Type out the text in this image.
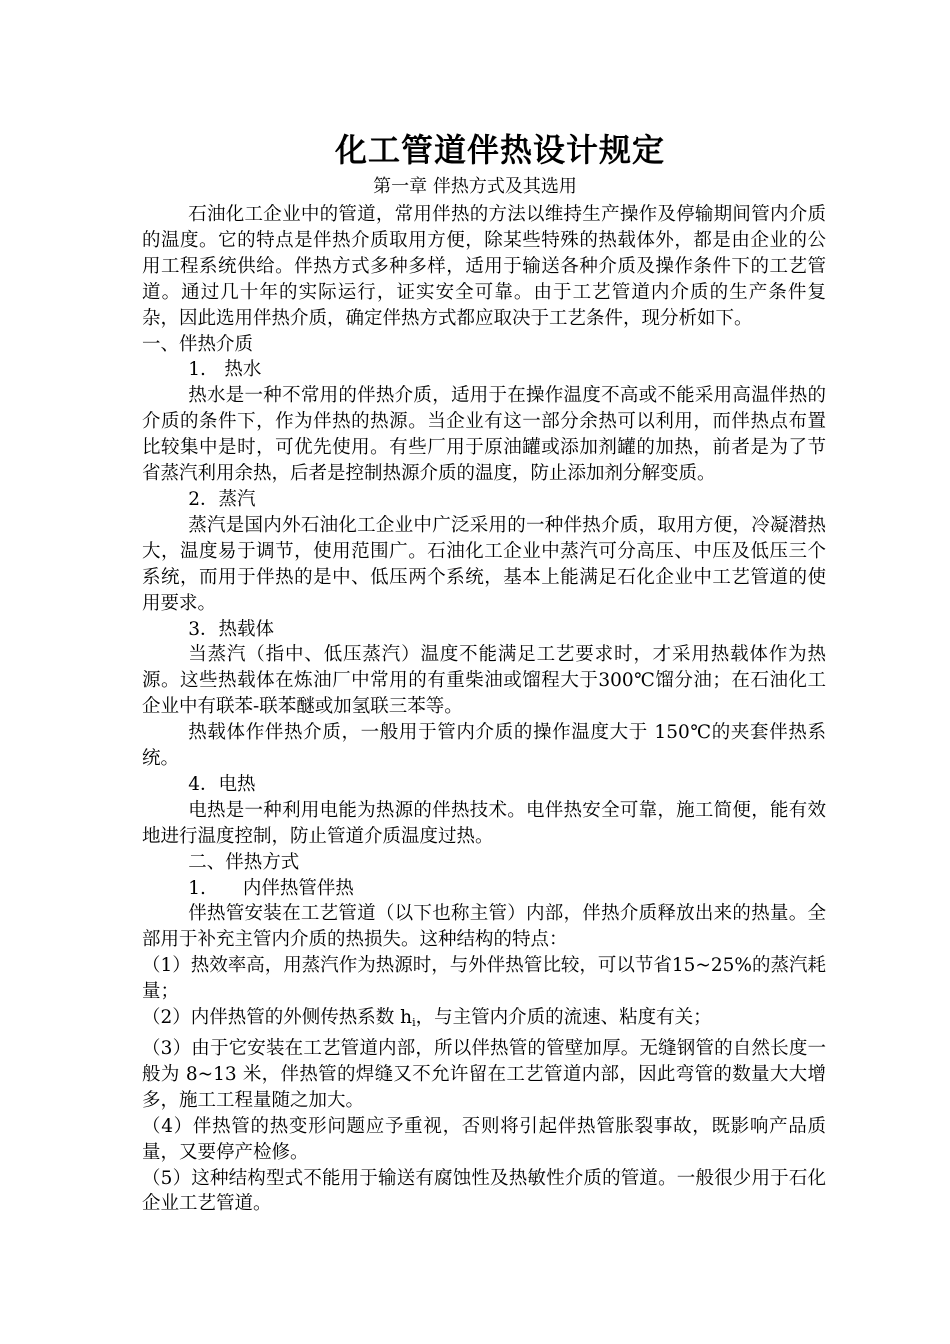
化工管道伴热设计规定
第一章 伴热方式及其选用

石油化工企业中的管道，常用伴热的方法以维持生产操作及停输期间管内介质的温度。它的特点是伴热介质取用方便，除某些特殊的热载体外，都是由企业的公用工程系统供给。伴热方式多种多样，适用于输送各种介质及操作条件下的工艺管道。通过几十年的实际运行，证实安全可靠。由于工艺管道内介质的生产条件复杂，因此选用伴热介质，确定伴热方式都应取决于工艺条件，现分析如下。

一、伴热介质

1.　热水

热水是一种不常用的伴热介质，适用于在操作温度不高或不能采用高温伴热的介质的条件下，作为伴热的热源。当企业有这一部分余热可以利用，而伴热点布置比较集中是时，可优先使用。有些厂用于原油罐或添加剂罐的加热，前者是为了节省蒸汽利用余热，后者是控制热源介质的温度，防止添加剂分解变质。

2．蒸汽

蒸汽是国内外石油化工企业中广泛采用的一种伴热介质，取用方便，冷凝潜热大，温度易于调节，使用范围广。石油化工企业中蒸汽可分高压、中压及低压三个系统，而用于伴热的是中、低压两个系统，基本上能满足石化企业中工艺管道的使用要求。

3．热载体

当蒸汽（指中、低压蒸汽）温度不能满足工艺要求时，才采用热载体作为热源。这些热载体在炼油厂中常用的有重柴油或馏程大于300℃馏分油；在石油化工企业中有联苯-联苯醚或加氢联三苯等。

热载体作伴热介质，一般用于管内介质的操作温度大于 150℃的夹套伴热系统。

4．电热

电热是一种利用电能为热源的伴热技术。电伴热安全可靠，施工简便，能有效地进行温度控制，防止管道介质温度过热。

二、伴热方式

1.　　内伴热管伴热

伴热管安装在工艺管道（以下也称主管）内部，伴热介质释放出来的热量。全部用于补充主管内介质的热损失。这种结构的特点：

（1）热效率高，用蒸汽作为热源时，与外伴热管比较，可以节省15~25%的蒸汽耗量；

（2）内伴热管的外侧传热系数 $h_i$，与主管内介质的流速、粘度有关；

（3）由于它安装在工艺管道内部，所以伴热管的管壁加厚。无缝钢管的自然长度一般为 8~13 米，伴热管的焊缝又不允许留在工艺管道内部，因此弯管的数量大大增多，施工工程量随之加大。

（4）伴热管的热变形问题应予重视，否则将引起伴热管胀裂事故，既影响产品质量，又要停产检修。

（5）这种结构型式不能用于输送有腐蚀性及热敏性介质的管道。一般很少用于石化企业工艺管道。
